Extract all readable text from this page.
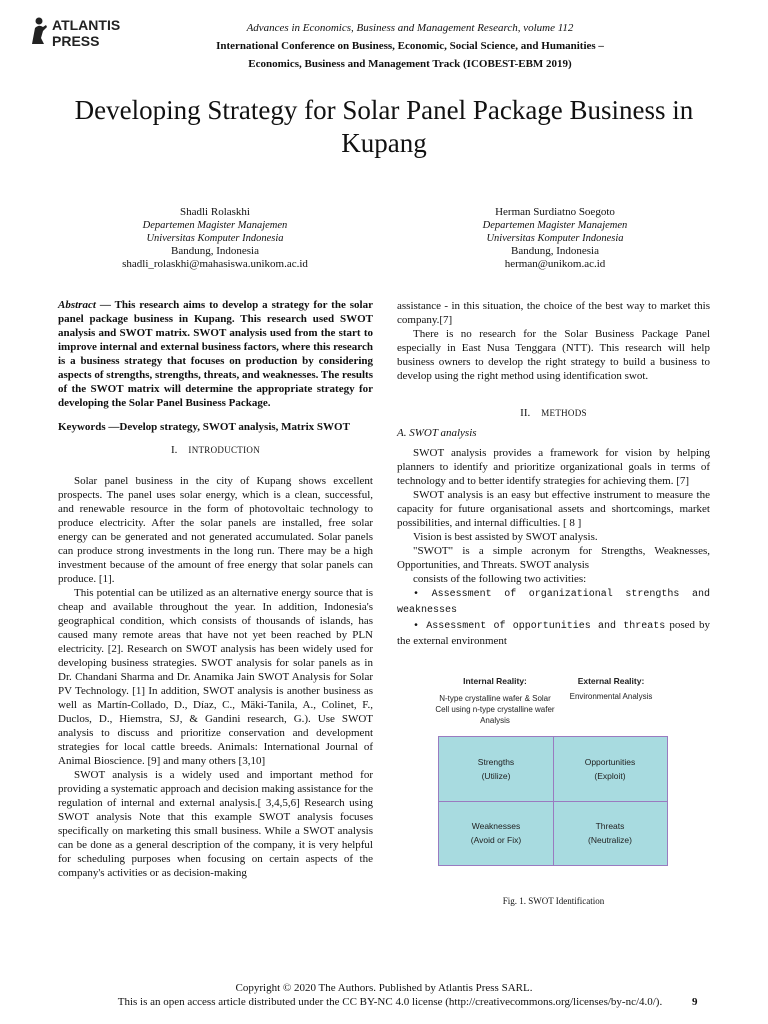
ATLANTIS
PRESS
Advances in Economics, Business and Management Research, volume 112
International Conference on Business, Economic, Social Science, and Humanities –
Economics, Business and Management Track (ICOBEST-EBM 2019)
Developing Strategy for Solar Panel Package Business in Kupang
Shadli Rolaskhi
Departemen Magister Manajemen
Universitas Komputer Indonesia
Bandung, Indonesia
shadli_rolaskhi@mahasiswa.unikom.ac.id
Herman Surdiatno Soegoto
Departemen Magister Manajemen
Universitas Komputer Indonesia
Bandung, Indonesia
herman@unikom.ac.id
Abstract — This research aims to develop a strategy for the solar panel package business in Kupang. This research used SWOT analysis and SWOT matrix. SWOT analysis used from the start to improve internal and external business factors, where this research is a business strategy that focuses on production by considering aspects of strengths, strengths, threats, and weaknesses. The results of the SWOT matrix will determine the appropriate strategy for developing the Solar Panel Business Package.
Keywords —Develop strategy, SWOT analysis, Matrix SWOT
I. INTRODUCTION

Solar panel business in the city of Kupang shows excellent prospects. The panel uses solar energy, which is a clean, successful, and renewable resource in the form of photovoltaic technology to produce electricity. After the solar panels are installed, free solar energy can be generated and not generated accumulated. Solar panels can produce strong investments in the long run. There may be a high investment because of the amount of free energy that solar panels can produce. [1].

This potential can be utilized as an alternative energy source that is cheap and available throughout the year. In addition, Indonesia's geographical condition, which consists of thousands of islands, has caused many remote areas that have not yet been reached by PLN electricity. [2]. Research on SWOT analysis has been widely used for developing business strategies. SWOT analysis for solar panels as in Dr. Chandani Sharma and Dr. Anamika Jain SWOT Analysis for Solar PV Technology. [1] In addition, SWOT analysis is another business as well as Martín-Collado, D., Díaz, C., Mäki-Tanila, A., Colinet, F., Duclos, D., Hiemstra, SJ, & Gandini research, G.). Use SWOT analysis to discuss and prioritize conservation and development strategies for local cattle breeds. Animals: International Journal of Animal Bioscience. [9] and many others [3,10]

SWOT analysis is a widely used and important method for providing a systematic approach and decision making assistance for the regulation of internal and external analysis.[ 3,4,5,6] Research using SWOT analysis Note that this example SWOT analysis focuses specifically on marketing this small business. While a SWOT analysis can be done as a general description of the company, it is very helpful for scheduling purposes when focusing on certain aspects of the company's activities or as decision-making

assistance - in this situation, the choice of the best way to market this company.[7]

There is no research for the Solar Business Package Panel especially in East Nusa Tenggara (NTT). This research will help business owners to develop the right strategy to build a business to develop using the right method using identification swot.

II. METHODS
A. SWOT analysis

SWOT analysis provides a framework for vision by helping planners to identify and prioritize organizational goals in terms of technology and to better identify strategies for achieving them. [7]

SWOT analysis is an easy but effective instrument to measure the capacity for future organisational assets and shortcomings, market possibilities, and internal difficulties. [ 8 ]

Vision is best assisted by SWOT analysis.

"SWOT" is a simple acronym for Strengths, Weaknesses, Opportunities, and Threats. SWOT analysis

consists of the following two activities:

• Assessment of organizational strengths and weaknesses

• Assessment of opportunities and threats posed by the external environment

Internal Reality:
N-type crystalline wafer & Solar Cell using n-type crystalline wafer Analysis
External Reality:
Environmental Analysis
Strengths
(Utilize)
Opportunities
(Exploit)
Weaknesses
(Avoid or Fix)
Threats
(Neutralize)
Fig. 1. SWOT Identification
Copyright © 2020 The Authors. Published by Atlantis Press SARL.
This is an open access article distributed under the CC BY-NC 4.0 license (http://creativecommons.org/licenses/by-nc/4.0/).	9
